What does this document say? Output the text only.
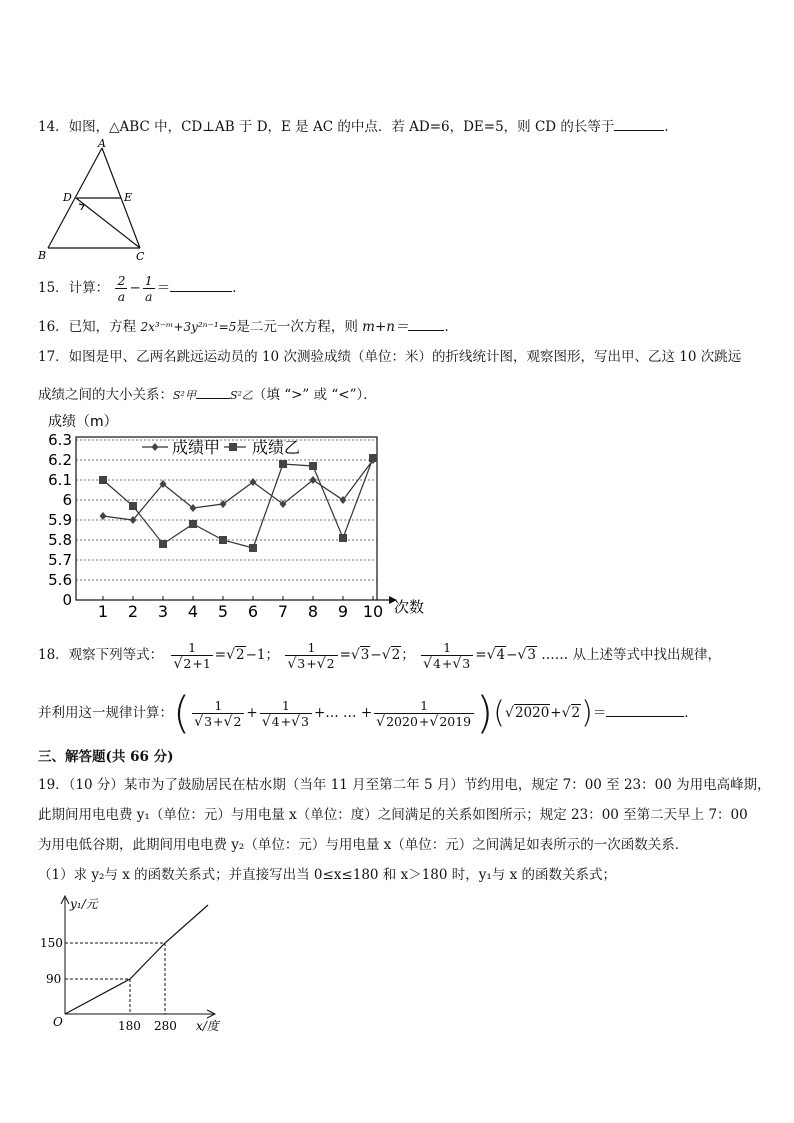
14．如图，△ABC 中，CD⊥AB 于 D，E 是 AC 的中点．若 AD=6，DE=5，则 CD 的长等于	．
A
D	E
B	C
15．计算： $\frac{2}{a} - \frac{1}{a}$ ＝	．
16．已知，方程 2x³⁻ᵐ+3y²ⁿ⁻¹=5是二元一次方程，则 m+n＝	．
17．如图是甲、乙两名跳远运动员的 10 次测验成绩（单位：米）的折线统计图，观察图形，写出甲、乙这 10 次跳远
成绩之间的大小关系：S²甲	S²乙（填 “>” 或 “<”）．
成绩（m）
0
5.6
5.7
5.8
5.9
6
6.1
6.2
6.3
1 2 3 4 5 6 7 8 9 10
成绩甲 成绩乙
次数
18．观察下列等式： $\frac{1}{√2+1} =√2-1$； $\frac{1}{√3+√2} =√3-√2$； $\frac{1}{√4+√3} =√4-√3$ …… 从上述等式中找出规律，
并利用这一规律计算：( $\frac{1}{√3+√2} + \frac{1}{√4+√3}$ +… … + $\frac{1}{√2020+√2019} )(√2020+√2)=$	．
三、解答题(共 66 分)
19．（10 分）某市为了鼓励居民在枯水期（当年 11 月至第二年 5 月）节约用电，规定 7：00 至 23：00 为用电高峰期，
此期间用电电费 y₁（单位：元）与用电量 x（单位：度）之间满足的关系如图所示；规定 23：00 至第二天早上 7：00
为用电低谷期，此期间用电电费 y₂（单位：元）与用电量 x（单位：元）之间满足如表所示的一次函数关系．
（1）求 y₂与 x 的函数关系式；并直接写出当 0≤x≤180 和 x＞180 时，y₁与 x 的函数关系式；
y₁/元
150
90
O	180 280 x/度
